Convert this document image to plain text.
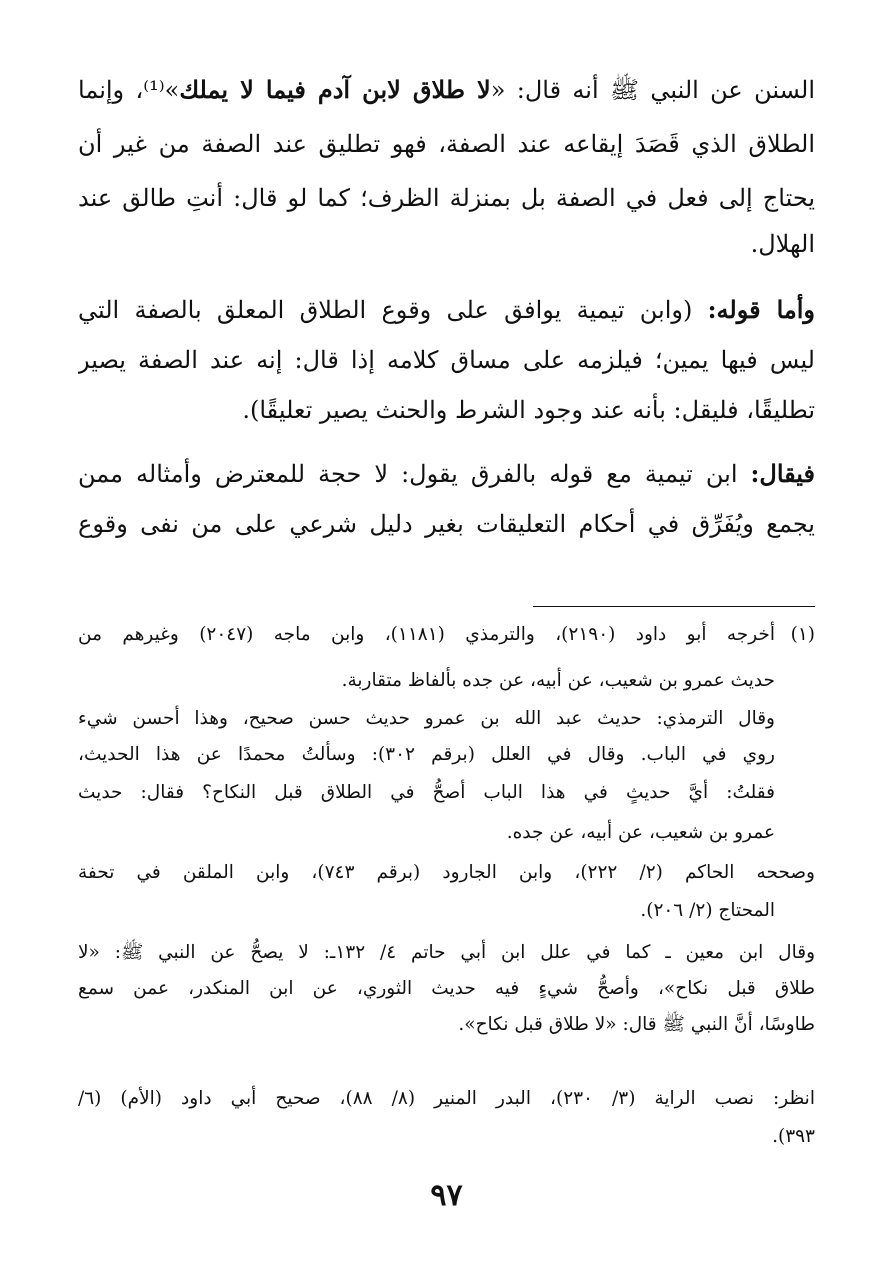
السنن عن النبي ﷺ أنه قال: «لا طلاق لابن آدم فيما لا يملك»⁽¹⁾، وإنما
الطلاق الذي قَصَدَ إيقاعه عند الصفة، فهو تطليق عند الصفة من غير أن
يحتاج إلى فعل في الصفة بل بمنزلة الظرف؛ كما لو قال: أنتِ طالق عند
الهلال.
وأما قوله: (وابن تيمية يوافق على وقوع الطلاق المعلق بالصفة التي
ليس فيها يمين؛ فيلزمه على مساق كلامه إذا قال: إنه عند الصفة يصير
تطليقًا، فليقل: بأنه عند وجود الشرط والحنث يصير تعليقًا).
فيقال: ابن تيمية مع قوله بالفرق يقول: لا حجة للمعترض وأمثاله ممن
يجمع ويُفَرِّق في أحكام التعليقات بغير دليل شرعي على من نفى وقوع
(١)
أخرجه أبو داود (٢١٩٠)، والترمذي (١١٨١)، وابن ماجه (٢٠٤٧) وغيرهم من
حديث عمرو بن شعيب، عن أبيه، عن جده بألفاظ متقاربة.
وقال الترمذي: حديث عبد الله بن عمرو حديث حسن صحيح، وهذا أحسن شيء
روي في الباب. وقال في العلل (برقم ٣٠٢): وسألتُ محمدًا عن هذا الحديث،
فقلتُ: أيَّ حديثٍ في هذا الباب أصحُّ في الطلاق قبل النكاح؟ فقال: حديث
عمرو بن شعيب، عن أبيه، عن جده.
وصححه الحاكم (٢/ ٢٢٢)، وابن الجارود (برقم ٧٤٣)، وابن الملقن في تحفة
المحتاج (٢/ ٢٠٦).
وقال ابن معين ـ كما في علل ابن أبي حاتم ٤/ ١٣٢ـ: لا يصحُّ عن النبي ﷺ: «لا
طلاق قبل نكاح»، وأصحُّ شيءٍ فيه حديث الثوري، عن ابن المنكدر، عمن سمع
طاوسًا، أنَّ النبي ﷺ قال: «لا طلاق قبل نكاح».
انظر: نصب الراية (٣/ ٢٣٠)، البدر المنير (٨/ ٨٨)، صحيح أبي داود (الأم) (٦/
٣٩٣).
٩٧
